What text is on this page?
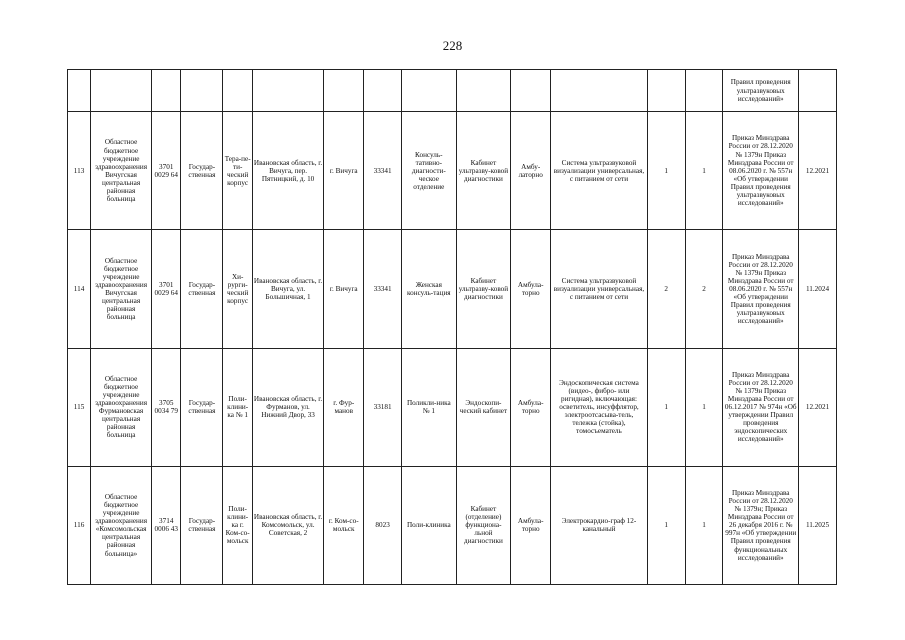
228
														Правил проведения ультразвуковых исследований»	
113	Областное бюджетное учреждение здравоохранения Вичугская центральная районная больница	3701 0029 64	Государ-ственная	Тера-петический корпус	Ивановская область, г. Вичуга, пер. Пятницкий, д. 10	г. Вичуга	33341	Консуль-тативно-диагности-ческое отделение	Кабинет ультразву-ковой диагностики	Амбу-латорно	Система ультразвуковой визуализации универсальная, с питанием от сети	1	1	Приказ Минздрава России от 28.12.2020 № 1379н Приказ Минздрава России от 08.06.2020 г. № 557н «Об утверждении Правил проведения ультразвуковых исследований»	12.2021
114	Областное бюджетное учреждение здравоохранения Вичугская центральная районная больница	3701 0029 64	Государ-ственная	Хи-рурги-ческий корпус	Ивановская область, г. Вичуга, ул. Большичная, 1	г. Вичуга	33341	Женская консуль-тация	Кабинет ультразву-ковой диагностики	Амбула-торно	Система ультразвуковой визуализации универсальная, с питанием от сети	2	2	Приказ Минздрава России от 28.12.2020 № 1379н Приказ Минздрава России от 08.06.2020 г. № 557н «Об утверждении Правил проведения ультразвуковых исследований»	11.2024
115	Областное бюджетное учреждение здравоохранения Фурмановская центральная районная больница	3705 0034 79	Государ-ственная	Поли-клини-ка № 1	Ивановская область, г. Фурманов, ул. Нижний Двор, 33	г. Фур-манов	33181	Поликли-ника № 1	Эндоскопи-ческий кабинет	Амбула-торно	Эндоскопическая система (видео-, фибро- или ригидная), включающая: осветитель, инсуффлятор, электроотсасыва-тель, тележка (стойка), томосъематель	1	1	Приказ Минздрава России от 28.12.2020 № 1379н Приказ Минздрава России от 06.12.2017 № 974н «Об утверждении Правил проведения эндоскопических исследований»	12.2021
116	Областное бюджетное учреждение здравоохранения «Комсомольская центральная районная больница»	3714 0006 43	Государ-ственная	Поли-клини-ка г. Ком-со-мольск	Ивановская область, г. Комсомольск, ул. Советская, 2	г. Ком-со-мольск	8023	Поли-клиника	Кабинет (отделение) функциона-льной диагностики	Амбула-торно	Электрокардио-граф 12-канальный	1	1	Приказ Минздрава России от 28.12.2020 № 1379н; Приказ Минздрава России от 26 декабря 2016 г. № 997н «Об утверждении Правил проведения функциональных исследований»	11.2025
